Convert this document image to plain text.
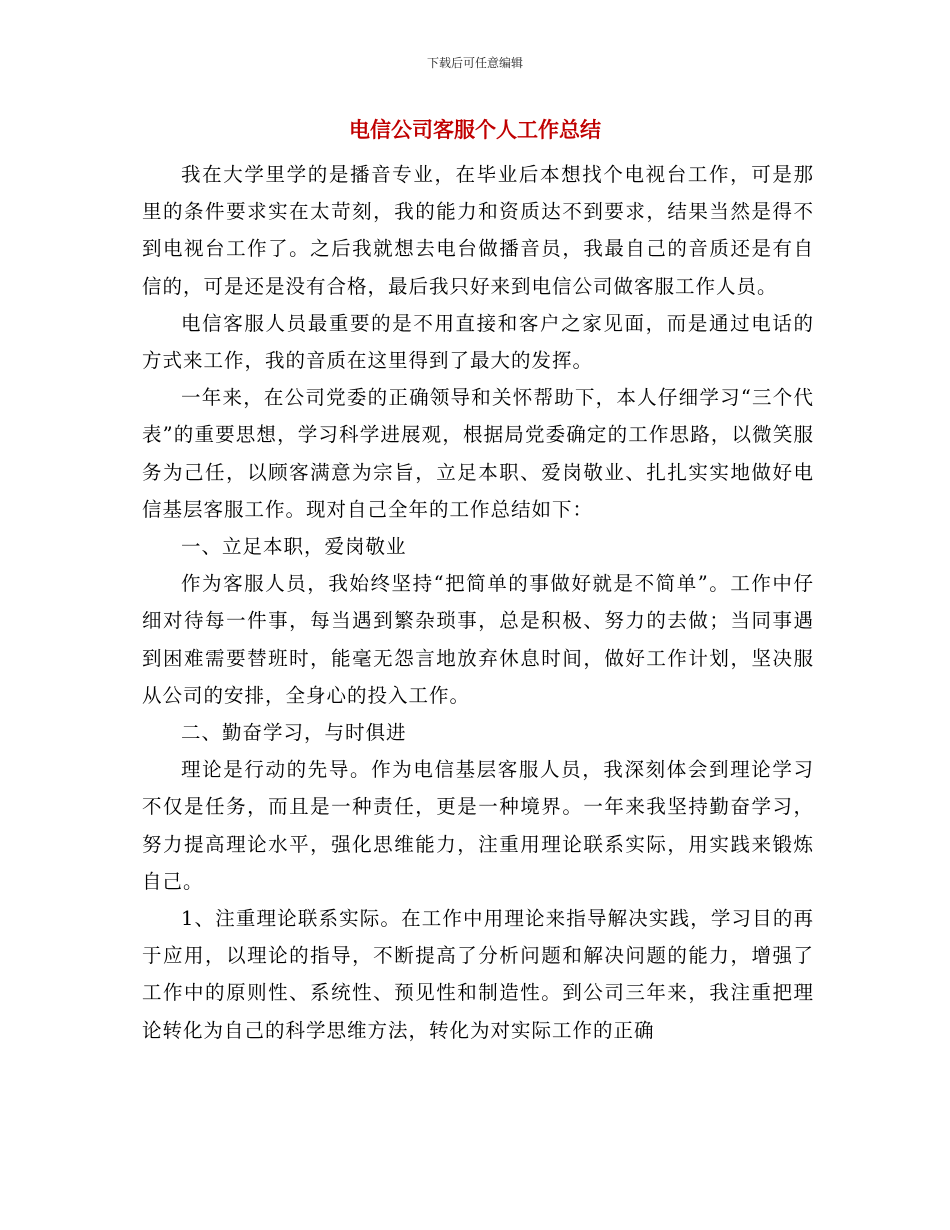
下载后可任意编辑
电信公司客服个人工作总结

我在大学里学的是播音专业，在毕业后本想找个电视台工作，可是那里的条件要求实在太苛刻，我的能力和资质达不到要求，结果当然是得不到电视台工作了。之后我就想去电台做播音员，我最自己的音质还是有自信的，可是还是没有合格，最后我只好来到电信公司做客服工作人员。

电信客服人员最重要的是不用直接和客户之家见面，而是通过电话的方式来工作，我的音质在这里得到了最大的发挥。

一年来，在公司党委的正确领导和关怀帮助下，本人仔细学习“三个代表”的重要思想，学习科学进展观，根据局党委确定的工作思路，以微笑服务为己任，以顾客满意为宗旨，立足本职、爱岗敬业、扎扎实实地做好电信基层客服工作。现对自己全年的工作总结如下：

一、立足本职，爱岗敬业

作为客服人员，我始终坚持“把简单的事做好就是不简单”。工作中仔细对待每一件事，每当遇到繁杂琐事，总是积极、努力的去做；当同事遇到困难需要替班时，能毫无怨言地放弃休息时间，做好工作计划，坚决服从公司的安排，全身心的投入工作。

二、勤奋学习，与时俱进

理论是行动的先导。作为电信基层客服人员，我深刻体会到理论学习不仅是任务，而且是一种责任，更是一种境界。一年来我坚持勤奋学习，努力提高理论水平，强化思维能力，注重用理论联系实际，用实践来锻炼自己。

1、注重理论联系实际。在工作中用理论来指导解决实践，学习目的再于应用，以理论的指导，不断提高了分析问题和解决问题的能力，增强了工作中的原则性、系统性、预见性和制造性。到公司三年来，我注重把理论转化为自己的科学思维方法，转化为对实际工作的正确
